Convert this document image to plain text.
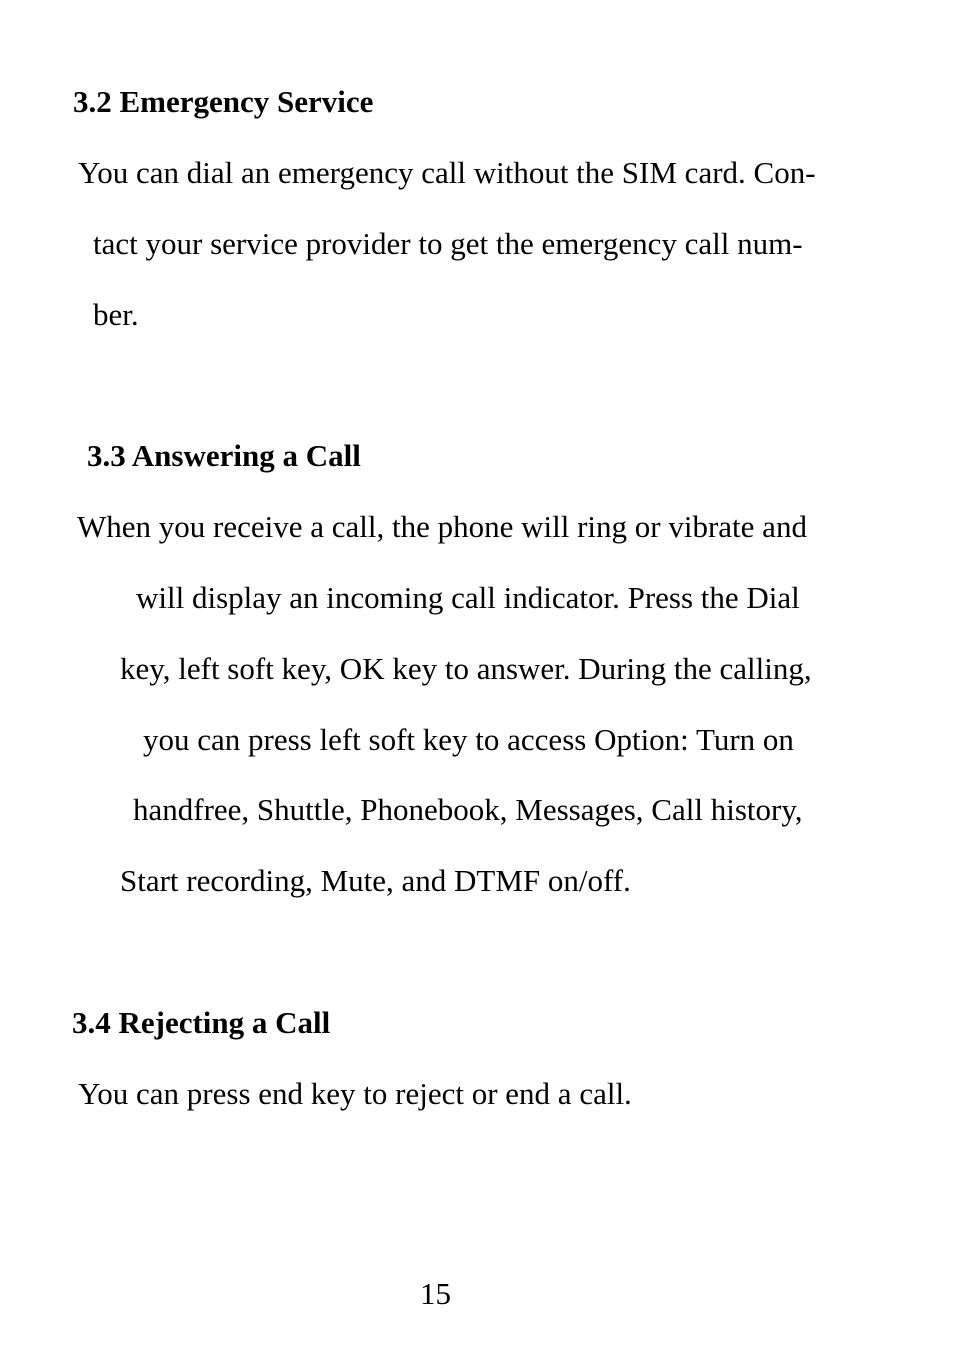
3.2 Emergency Service
You can dial an emergency call without the SIM card. Con-
tact your service provider to get the emergency call num-
ber.
3.3 Answering a Call
When you receive a call, the phone will ring or vibrate and
will display an incoming call indicator. Press the Dial
key, left soft key, OK key to answer. During the calling,
you can press left soft key to access Option: Turn on
handfree, Shuttle, Phonebook, Messages, Call history,
Start recording, Mute, and DTMF on/off.
3.4 Rejecting a Call
You can press end key to reject or end a call.
15
